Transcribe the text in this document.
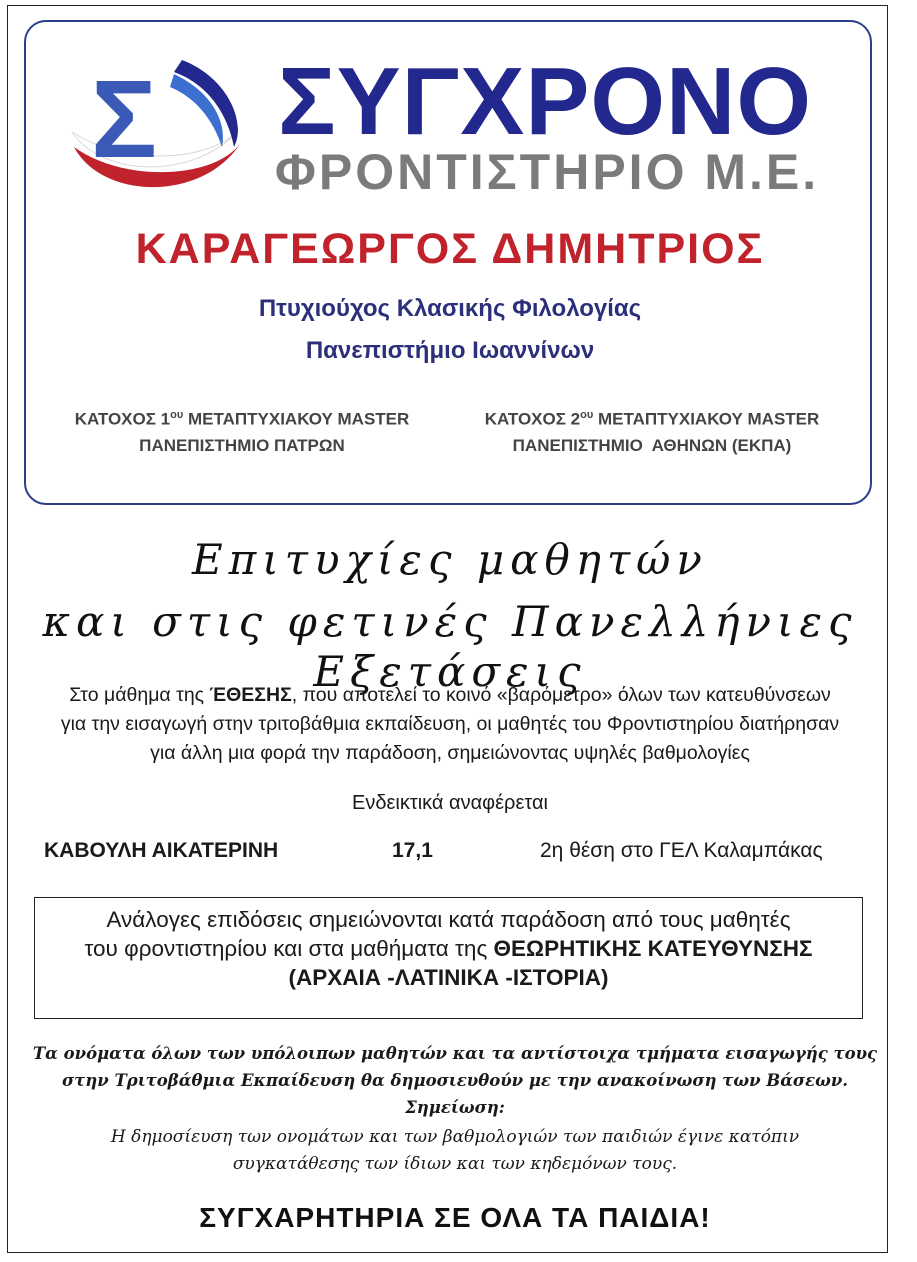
Σ ΣΥΓΧΡΟΝΟ
ΦΡΟΝΤΙΣΤΗΡΙΟ Μ.Ε.
ΚΑΡΑΓΕΩΡΓΟΣ ΔΗΜΗΤΡΙΟΣ
Πτυχιούχος Κλασικής Φιλολογίας
Πανεπιστήμιο Ιωαννίνων
ΚΑΤΟΧΟΣ $1^{o\upsilon}$ ΜΕΤΑΠΤΥΧΙΑΚΟΥ MASTER
ΠΑΝΕΠΙΣΤΗΜΙΟ ΠΑΤΡΩΝ
ΚΑΤΟΧΟΣ $2^{o\upsilon}$ ΜΕΤΑΠΤΥΧΙΑΚΟΥ MASTER
ΠΑΝΕΠΙΣΤΗΜΙΟ  ΑΘΗΝΩΝ (ΕΚΠΑ)
Επιτυχίες μαθητών
και στις φετινές Πανελλήνιες Εξετάσεις
Στο μάθημα της ΈΘΕΣΗΣ, που αποτελεί το κοινό «βαρόμετρο» όλων των κατευθύνσεων
για την εισαγωγή στην τριτοβάθμια εκπαίδευση, οι μαθητές του Φροντιστηρίου διατήρησαν
για άλλη μια φορά την παράδοση, σημειώνοντας υψηλές βαθμολογίες
Ενδεικτικά αναφέρεται
ΚΑΒΟΥΛΗ ΑΙΚΑΤΕΡΙΝΗ	17,1	2η θέση στο ΓΕΛ Καλαμπάκας
Ανάλογες επιδόσεις σημειώνονται κατά παράδοση από τους μαθητές
του φροντιστηρίου και στα μαθήματα της ΘΕΩΡΗΤΙΚΗΣ ΚΑΤΕΥΘΥΝΣΗΣ
(ΑΡΧΑΙΑ -ΛΑΤΙΝΙΚΑ -ΙΣΤΟΡΙΑ)
Τα ονόματα όλων των υπόλοιπων μαθητών και τα αντίστοιχα τμήματα εισαγωγής τους
στην Τριτοβάθμια Εκπαίδευση θα δημοσιευθούν με την ανακοίνωση των Βάσεων.
Σημείωση:
Η δημοσίευση των ονομάτων και των βαθμολογιών των παιδιών έγινε κατόπιν
συγκατάθεσης των ίδιων και των κηδεμόνων τους.
ΣΥΓΧΑΡΗΤΗΡΙΑ ΣΕ ΟΛΑ ΤΑ ΠΑΙΔΙΑ!
